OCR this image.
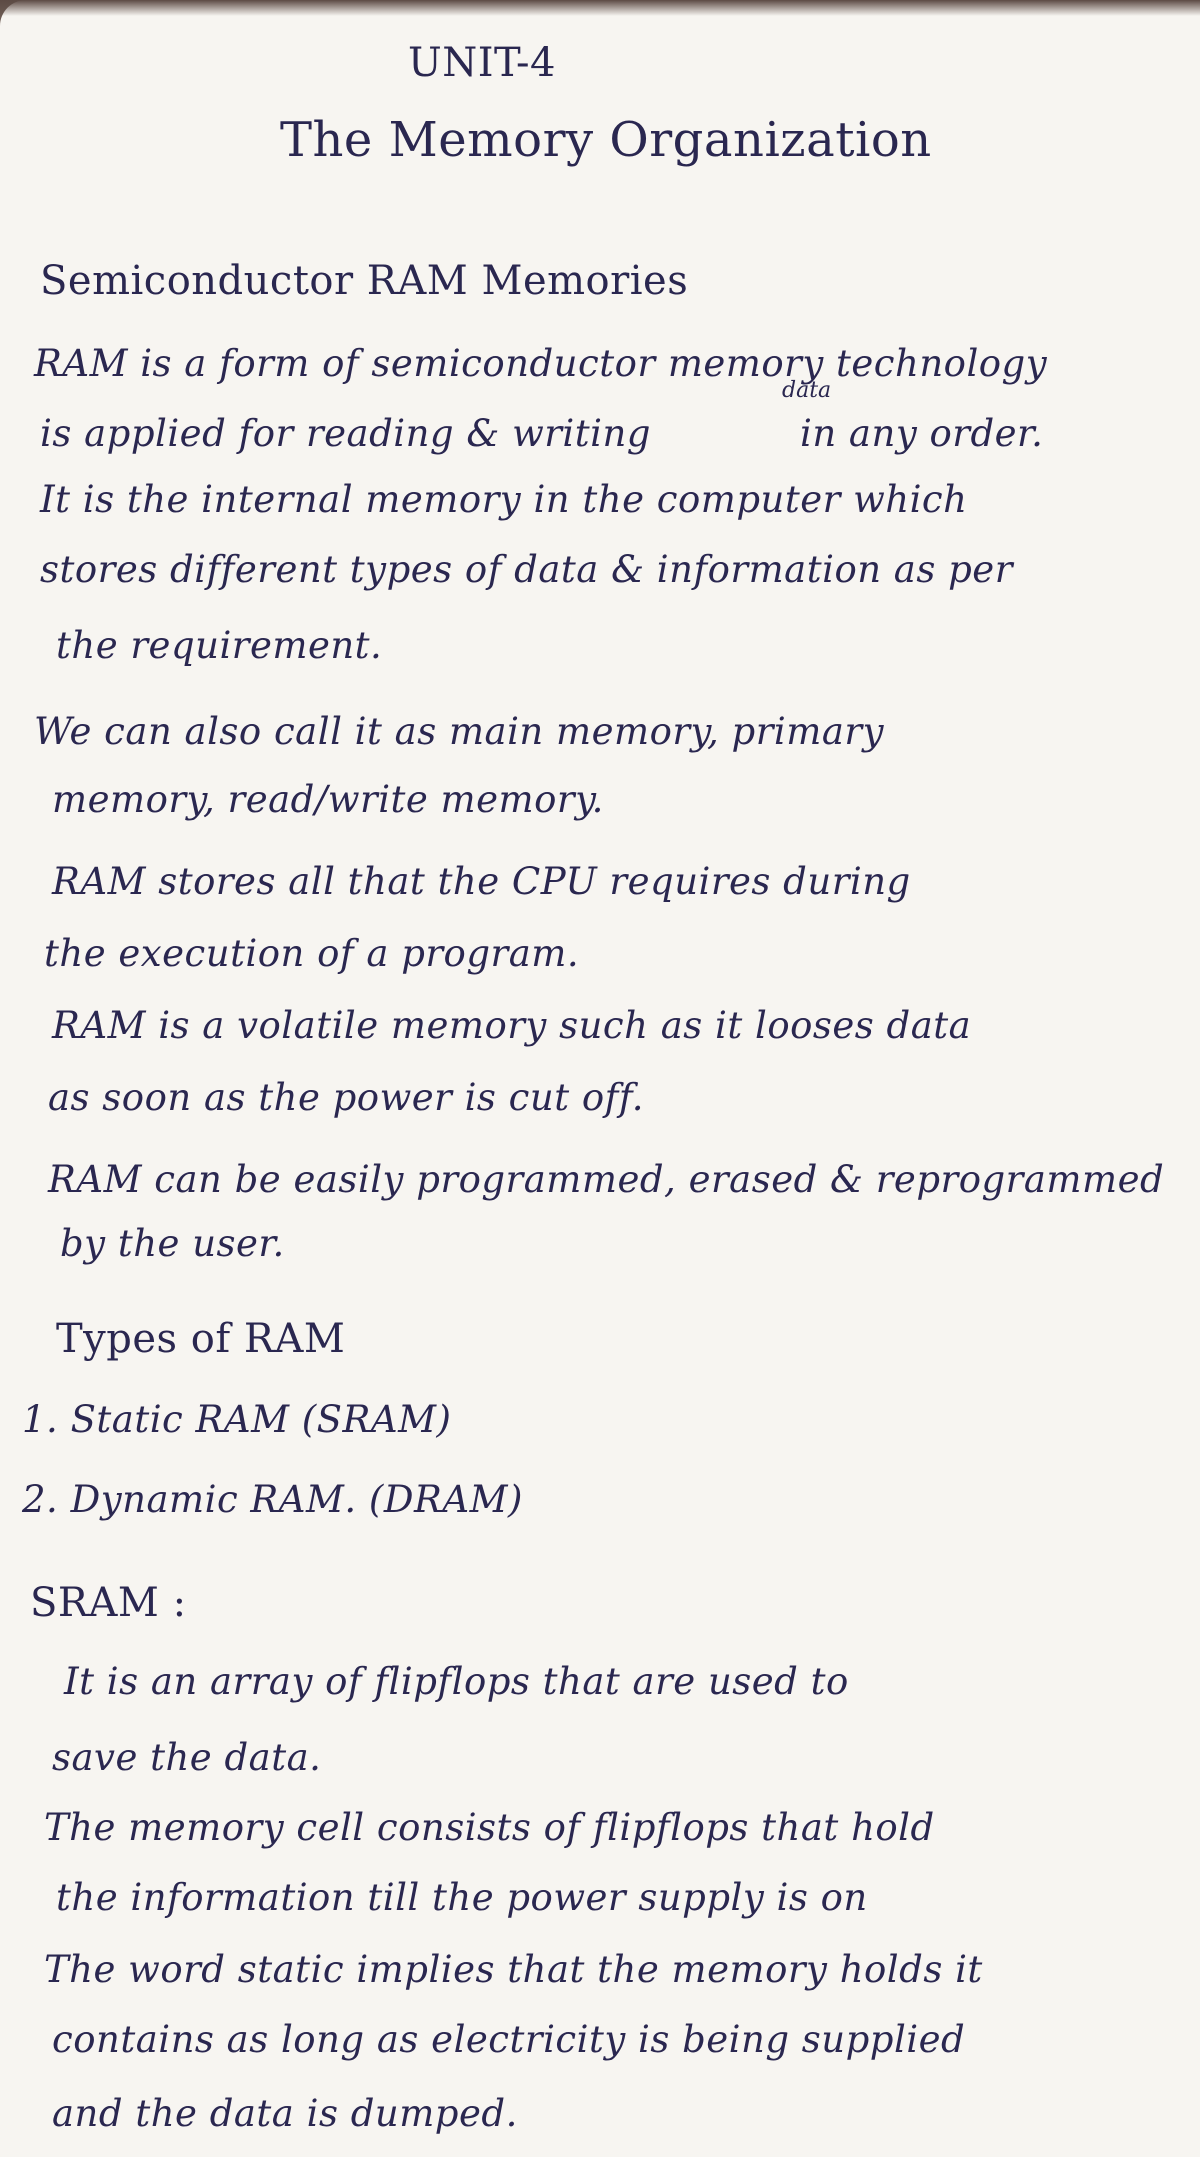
UNIT-4
The Memory Organization
Semiconductor RAM Memories
RAM is a form of semiconductor memory technology
is applied for reading & writing
data
in any order.
It is the internal memory in the computer which
stores different types of data & information as per
the requirement.
We can also call it as main memory, primary
memory, read/write memory.
RAM stores all that the CPU requires during
the execution of a program.
RAM is a volatile memory such as it looses data
as soon as the power is cut off.
RAM can be easily programmed, erased & reprogrammed
by the user.
Types of RAM
1. Static RAM (SRAM)
2. Dynamic RAM. (DRAM)
SRAM :
It is an array of flipflops that are used to
save the data.
The memory cell consists of flipflops that hold
the information till the power supply is on
The word static implies that the memory holds it
contains as long as electricity is being supplied
and the data is dumped.
